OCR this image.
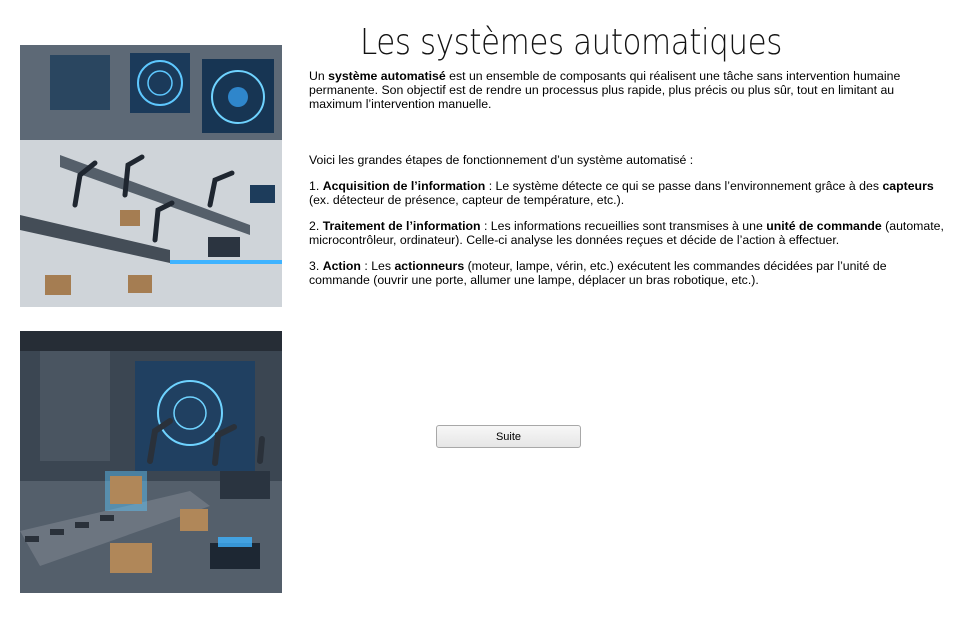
Les systèmes automatiques

Un système automatisé est un ensemble de composants qui réalisent une tâche sans intervention humaine permanente. Son objectif est de rendre un processus plus rapide, plus précis ou plus sûr, tout en limitant au maximum l’intervention manuelle.

Voici les grandes étapes de fonctionnement d’un système automatisé :

1. Acquisition de l’information : Le système détecte ce qui se passe dans l’environnement grâce à des capteurs (ex. détecteur de présence, capteur de température, etc.).

2. Traitement de l’information : Les informations recueillies sont transmises à une unité de commande (automate, microcontrôleur, ordinateur). Celle-ci analyse les données reçues et décide de l’action à effectuer.

3. Action : Les actionneurs (moteur, lampe, vérin, etc.) exécutent les commandes décidées par l’unité de commande (ouvrir une porte, allumer une lampe, déplacer un bras robotique, etc.).

Suite
